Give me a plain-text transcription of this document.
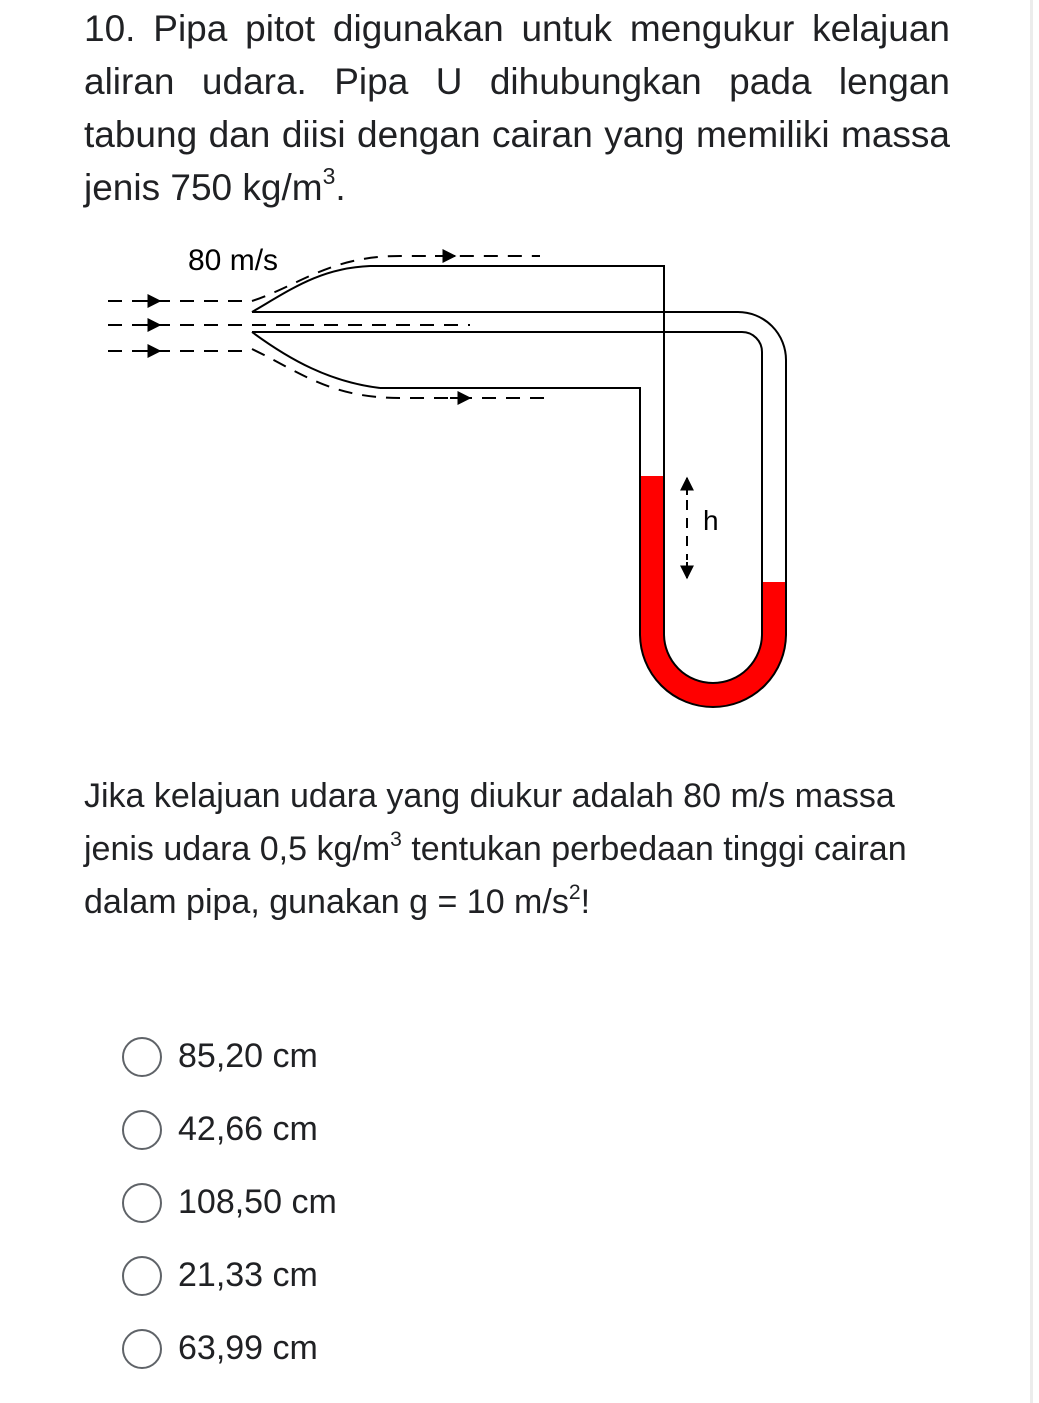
10. Pipa pitot digunakan untuk mengukur kelajuan aliran udara. Pipa U dihubungkan pada lengan tabung dan diisi dengan cairan yang memiliki massa jenis 750 $kg/m^3$.

80 m/s
h

Jika kelajuan udara yang diukur adalah 80 m/s massa jenis udara 0,5 $kg/m^3$ tentukan perbedaan tinggi cairan dalam pipa, gunakan g = 10 $m/s^2$!

85,20 cm
42,66 cm
108,50 cm
21,33 cm
63,99 cm
